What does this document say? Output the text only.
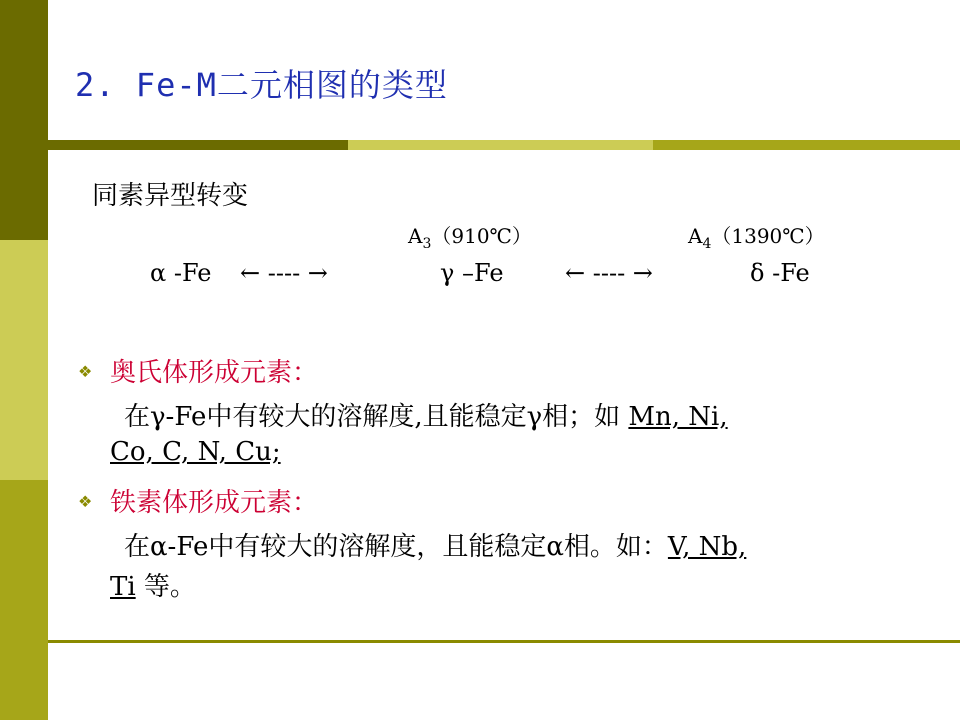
2. Fe-M二元相图的类型
同素异型转变
$A_3(910℃)$	$A_4(1390℃)$
α -Fe ← ---- →	γ –Fe	← ---- →	δ -Fe
❖ 奥氏体形成元素：
在γ-Fe中有较大的溶解度,且能稳定γ相；如 Mn, Ni,
Co, C, N, Cu;
❖ 铁素体形成元素：
在α-Fe中有较大的溶解度，且能稳定α相。如：V, Nb,
Ti 等。
